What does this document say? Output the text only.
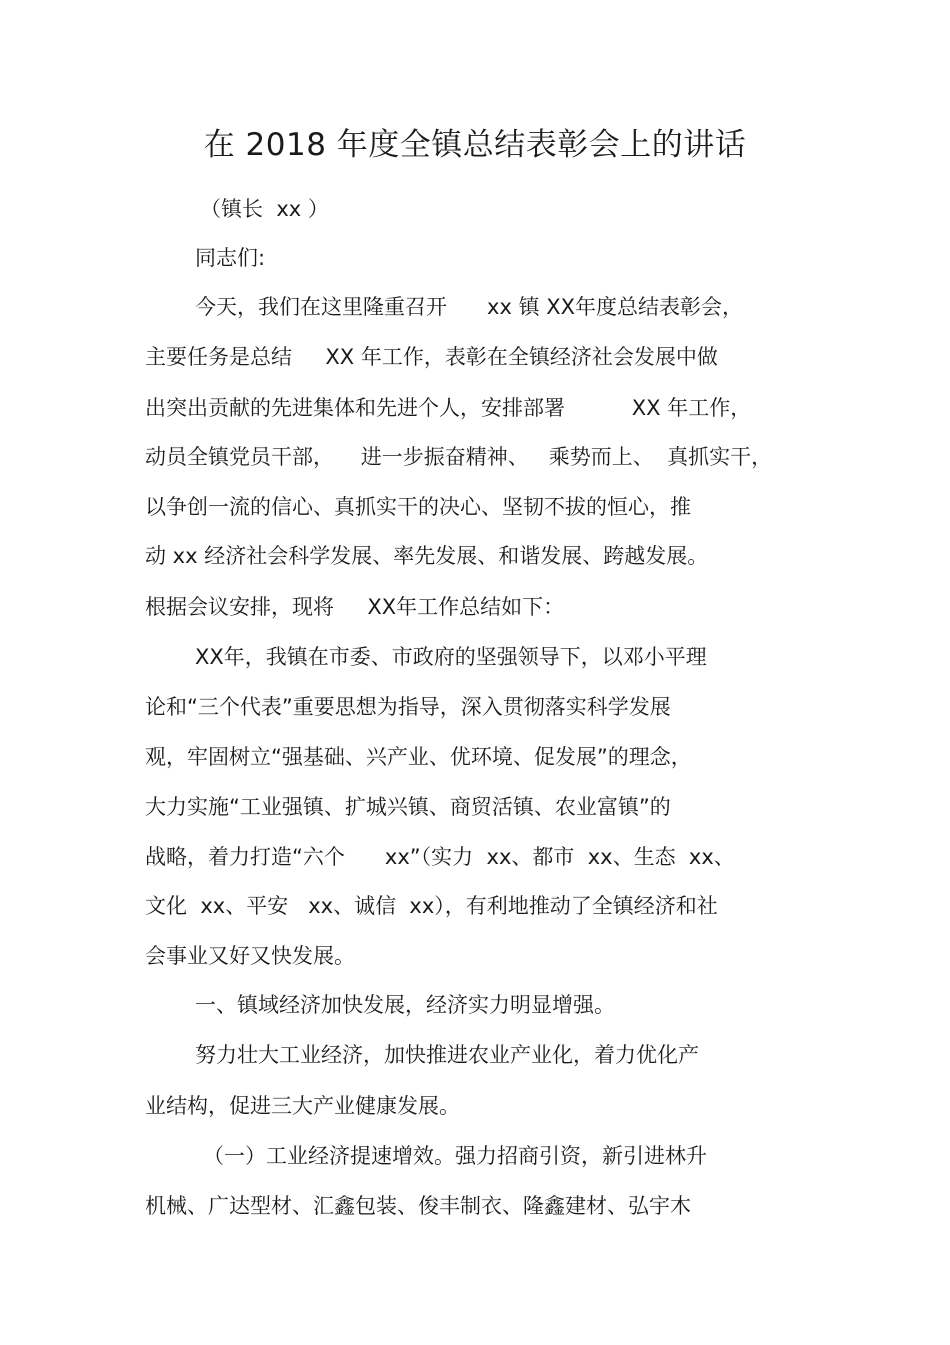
在 2018 年度全镇总结表彰会上的讲话

（镇长  xx ）

同志们:

今天，我们在这里隆重召开      xx 镇 XX年度总结表彰会，

主要任务是总结     XX 年工作，表彰在全镇经济社会发展中做

出突出贡献的先进集体和先进个人，安排部署          XX 年工作，

动员全镇党员干部，    进一步振奋精神、   乘势而上、  真抓实干，

以争创一流的信心、真抓实干的决心、坚韧不拔的恒心，推

动 xx 经济社会科学发展、率先发展、和谐发展、跨越发展。

根据会议安排，现将     XX年工作总结如下：

XX年，我镇在市委、市政府的坚强领导下，以邓小平理

论和“三个代表”重要思想为指导，深入贯彻落实科学发展

观，牢固树立“强基础、兴产业、优环境、促发展”的理念，

大力实施“工业强镇、扩城兴镇、商贸活镇、农业富镇”的

战略，着力打造“六个      xx”（实力  xx、都市  xx、生态  xx、

文化  xx、平安   xx、诚信  xx），有利地推动了全镇经济和社

会事业又好又快发展。

一、镇域经济加快发展，经济实力明显增强。

努力壮大工业经济，加快推进农业产业化，着力优化产

业结构，促进三大产业健康发展。

（一）工业经济提速增效。强力招商引资，新引进林升

机械、广达型材、汇鑫包装、俊丰制衣、隆鑫建材、弘宇木
